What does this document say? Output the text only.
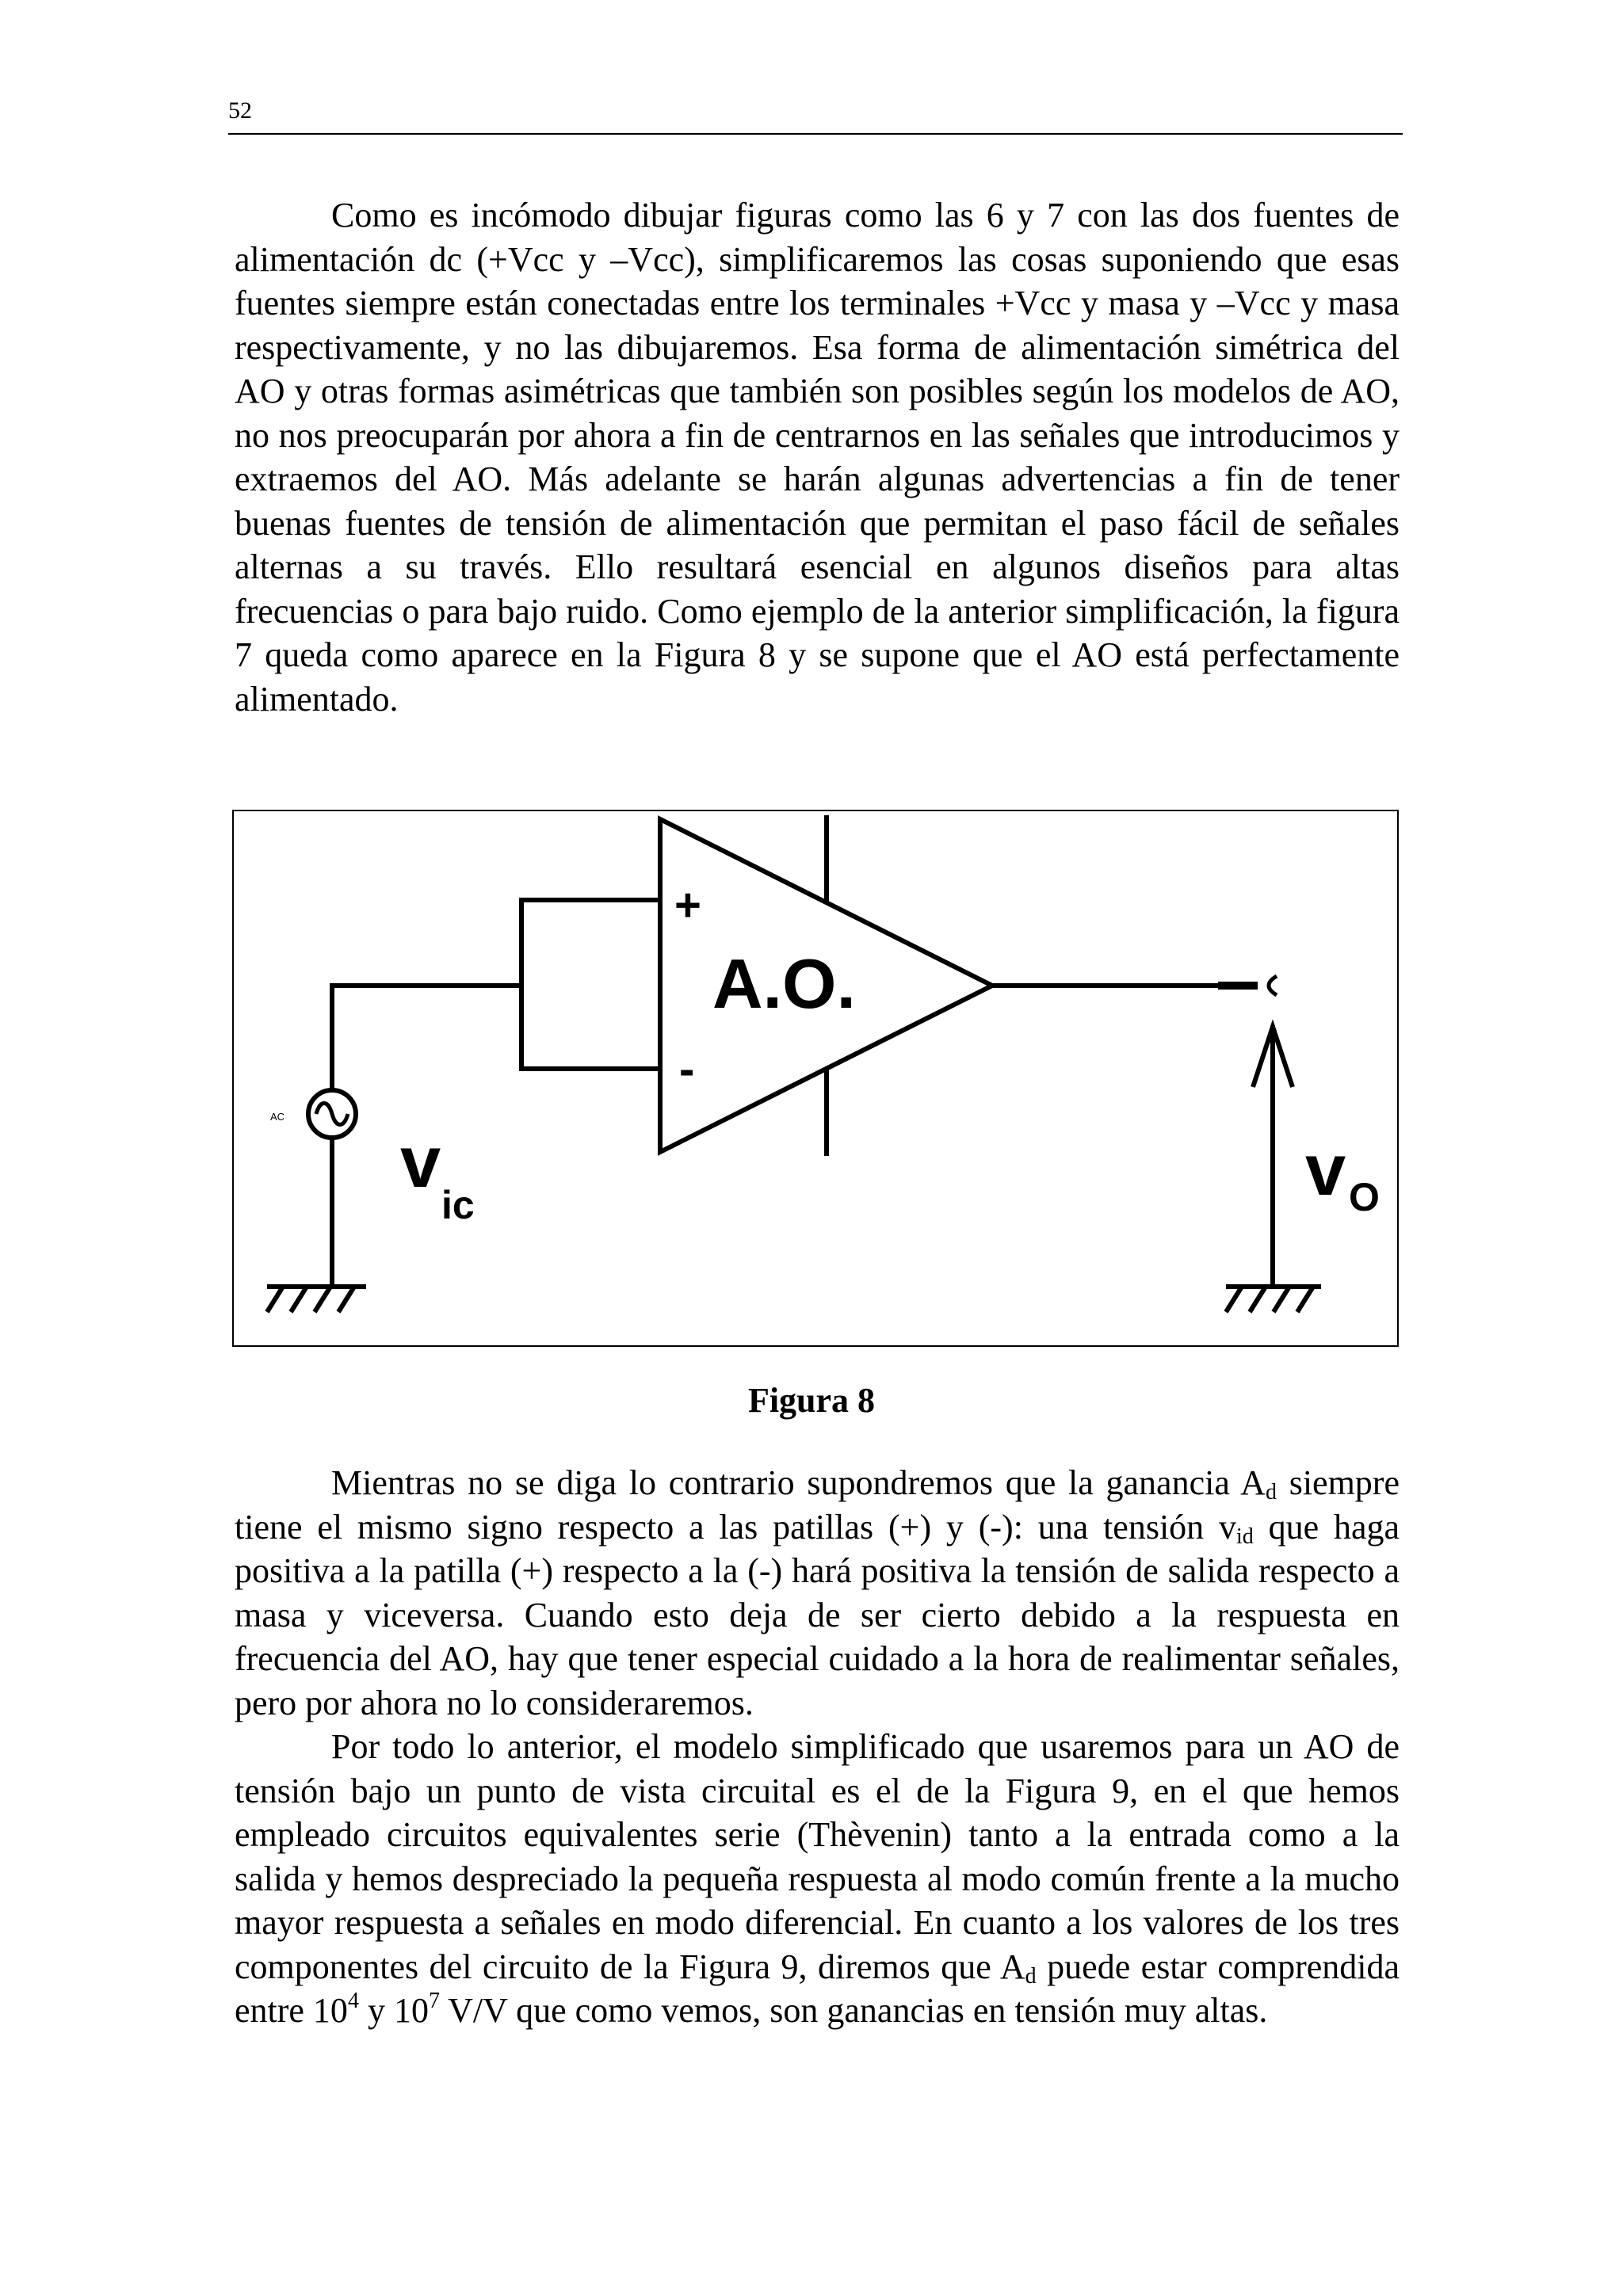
52

Como es incómodo dibujar figuras como las 6 y 7 con las dos fuentes de alimentación dc (+Vcc y –Vcc), simplificaremos las cosas suponiendo que esas fuentes siempre están conectadas entre los terminales +Vcc y masa y –Vcc y masa respectivamente, y no las dibujaremos. Esa forma de alimentación simétrica del AO y otras formas asimétricas que también son posibles según los modelos de AO, no nos preocuparán por ahora a fin de centrarnos en las señales que introducimos y extraemos del AO. Más adelante se harán algunas advertencias a fin de tener buenas fuentes de tensión de alimentación que permitan el paso fácil de señales alternas a su través. Ello resultará esencial en algunos diseños para altas frecuencias o para bajo ruido. Como ejemplo de la anterior simplificación, la figura 7 queda como aparece en la Figura 8 y se supone que el AO está perfectamente alimentado.

AC
+
-
A.O.
v
ic	v O
Figura 8

Mientras no se diga lo contrario supondremos que la ganancia $A_d$ siempre tiene el mismo signo respecto a las patillas (+) y (-): una tensión $v_{id}$ que haga positiva a la patilla (+) respecto a la (-) hará positiva la tensión de salida respecto a masa y viceversa. Cuando esto deja de ser cierto debido a la respuesta en frecuencia del AO, hay que tener especial cuidado a la hora de realimentar señales, pero por ahora no lo consideraremos.

Por todo lo anterior, el modelo simplificado que usaremos para un AO de tensión bajo un punto de vista circuital es el de la Figura 9, en el que hemos empleado circuitos equivalentes serie (Thèvenin) tanto a la entrada como a la salida y hemos despreciado la pequeña respuesta al modo común frente a la mucho mayor respuesta a señales en modo diferencial. En cuanto a los valores de los tres componentes del circuito de la Figura 9, diremos que $A_d$ puede estar comprendida entre $10^4$ y $10^7$ V/V que como vemos, son ganancias en tensión muy altas.
